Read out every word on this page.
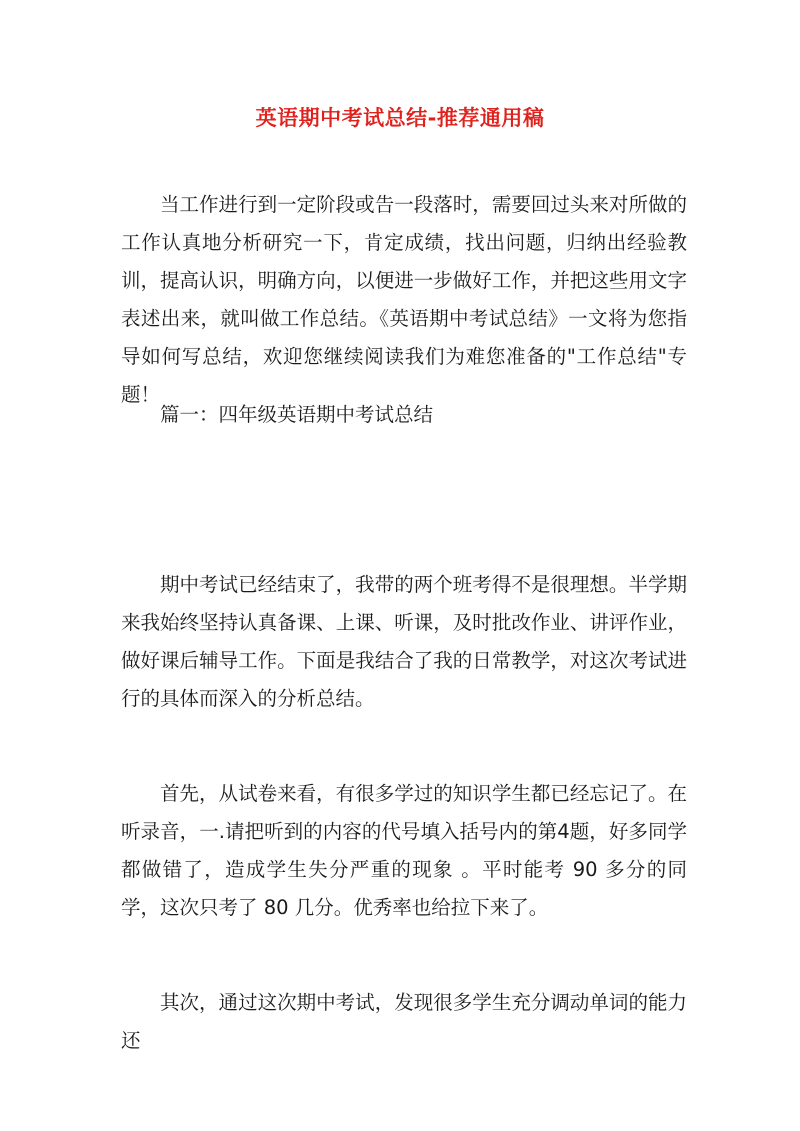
英语期中考试总结-推荐通用稿

当工作进行到一定阶段或告一段落时，需要回过头来对所做的工作认真地分析研究一下，肯定成绩，找出问题，归纳出经验教训，提高认识，明确方向，以便进一步做好工作，并把这些用文字表述出来，就叫做工作总结。《英语期中考试总结》一文将为您指导如何写总结，欢迎您继续阅读我们为难您准备的"工作总结"专题！

篇一：四年级英语期中考试总结

期中考试已经结束了，我带的两个班考得不是很理想。半学期来我始终坚持认真备课、上课、听课，及时批改作业、讲评作业，做好课后辅导工作。下面是我结合了我的日常教学，对这次考试进行的具体而深入的分析总结。

首先，从试卷来看，有很多学过的知识学生都已经忘记了。在听录音，一.请把听到的内容的代号填入括号内的第4题，好多同学都做错了，造成学生失分严重的现象 。平时能考 90 多分的同学，这次只考了 80 几分。优秀率也给拉下来了。

其次，通过这次期中考试，发现很多学生充分调动单词的能力还
